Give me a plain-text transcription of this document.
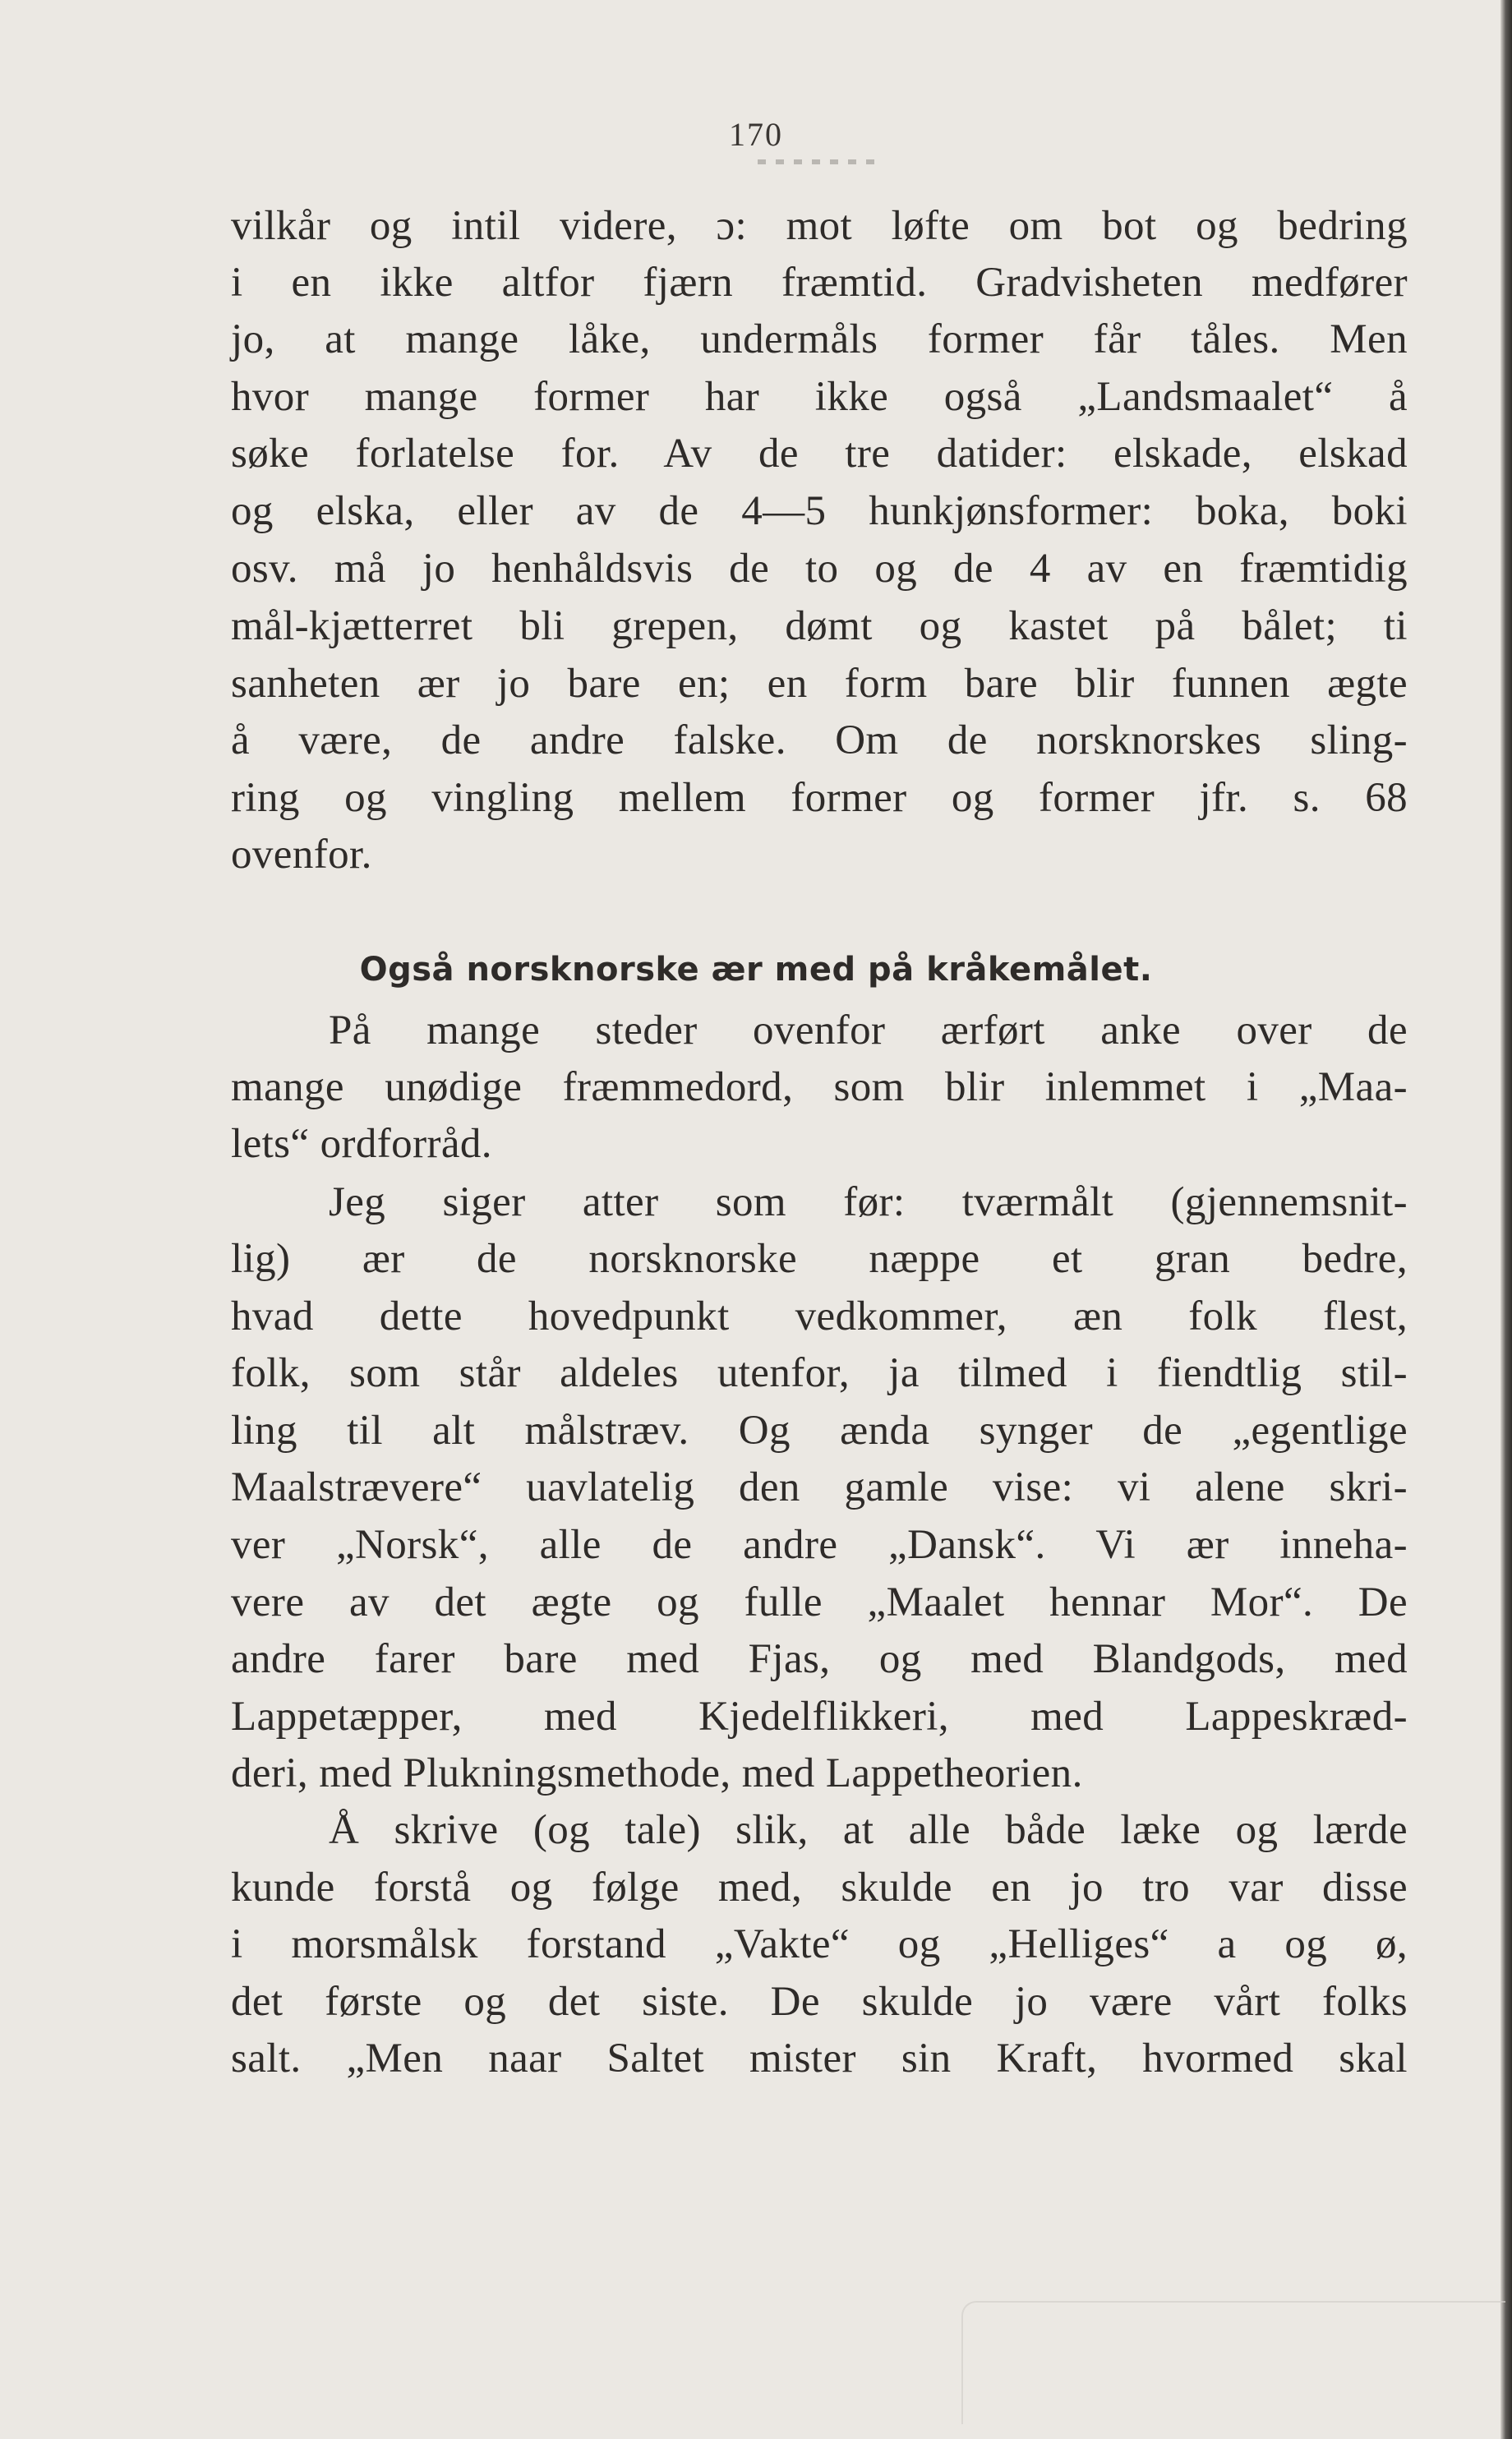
170
vilkår og intil videre, ɔ: mot løfte om bot og bedring
i en ikke altfor fjærn fræmtid. Gradvisheten medfører
jo, at mange låke, undermåls former får tåles. Men
hvor mange former har ikke også „Landsmaalet“ å
søke forlatelse for. Av de tre datider: elskade, elskad
og elska, eller av de 4—5 hunkjønsformer: boka, boki
osv. må jo henhåldsvis de to og de 4 av en fræmtidig
mål-kjætterret bli grepen, dømt og kastet på bålet; ti
sanheten ær jo bare en; en form bare blir funnen ægte
å være, de andre falske. Om de norsknorskes sling-
ring og vingling mellem former og former jfr. s. 68
ovenfor.
Også norsknorske ær med på kråkemålet.
På mange steder ovenfor ærført anke over de
mange unødige fræmmedord, som blir inlemmet i „Maa-
lets“ ordforråd.
Jeg siger atter som før: tværmålt (gjennemsnit-
lig) ær de norsknorske næppe et gran bedre,
hvad dette hovedpunkt vedkommer, æn folk flest,
folk, som står aldeles utenfor, ja tilmed i fiendtlig stil-
ling til alt målstræv. Og ænda synger de „egentlige
Maalstrævere“ uavlatelig den gamle vise: vi alene skri-
ver „Norsk“, alle de andre „Dansk“. Vi ær inneha-
vere av det ægte og fulle „Maalet hennar Mor“. De
andre farer bare med Fjas, og med Blandgods, med
Lappetæpper, med Kjedelflikkeri, med Lappeskræd-
deri, med Plukningsmethode, med Lappetheorien.
Å skrive (og tale) slik, at alle både læke og lærde
kunde forstå og følge med, skulde en jo tro var disse
i morsmålsk forstand „Vakte“ og „Helliges“ a og ø,
det første og det siste. De skulde jo være vårt folks
salt. „Men naar Saltet mister sin Kraft, hvormed skal
